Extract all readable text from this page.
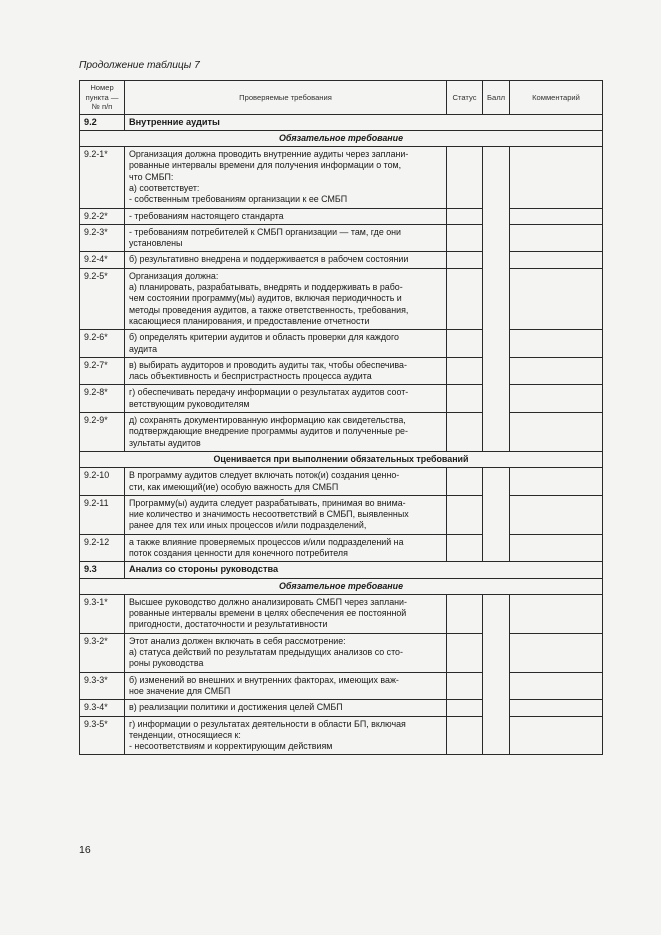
Продолжение таблицы 7
Номер
пункта —
№ п/п	Проверяемые требования	Статус	Балл	Комментарий
9.2	Внутренние аудиты			
Обязательное требование				
9.2-1*	Организация должна проводить внутренние аудиты через заплани-
рованные интервалы времени для получения информации о том,
что СМБП:
а) соответствует:
- собственным требованиям организации к ее СМБП			
9.2-2*	- требованиям настоящего стандарта			
9.2-3*	- требованиям потребителей к СМБП организации — там, где они
установлены			
9.2-4*	б) результативно внедрена и поддерживается в рабочем состоянии			
9.2-5*	Организация должна:
а) планировать, разрабатывать, внедрять и поддерживать в рабо-
чем состоянии программу(мы) аудитов, включая периодичность и
методы проведения аудитов, а также ответственность, требования,
касающиеся планирования, и предоставление отчетности			
9.2-6*	б) определять критерии аудитов и область проверки для каждого
аудита			
9.2-7*	в) выбирать аудиторов и проводить аудиты так, чтобы обеспечива-
лась объективность и беспристрастность процесса аудита			
9.2-8*	г) обеспечивать передачу информации о результатах аудитов соот-
ветствующим руководителям			
9.2-9*	д) сохранять документированную информацию как свидетельства,
подтверждающие внедрение программы аудитов и полученные ре-
зультаты аудитов			
Оценивается при выполнении обязательных требований				
9.2-10	В программу аудитов следует включать поток(и) создания ценно-
сти, как имеющий(ие) особую важность для СМБП			
9.2-11	Программу(ы) аудита следует разрабатывать, принимая во внима-
ние количество и значимость несоответствий в СМБП, выявленных
ранее для тех или иных процессов и/или подразделений,			
9.2-12	а также влияние проверяемых процессов и/или подразделений на
поток создания ценности для конечного потребителя			
9.3	Анализ со стороны руководства			
Обязательное требование				
9.3-1*	Высшее руководство должно анализировать СМБП через заплани-
рованные интервалы времени в целях обеспечения ее постоянной
пригодности, достаточности и результативности			
9.3-2*	Этот анализ должен включать в себя рассмотрение:
а) статуса действий по результатам предыдущих анализов со сто-
роны руководства			
9.3-3*	б) изменений во внешних и внутренних факторах, имеющих важ-
ное значение для СМБП			
9.3-4*	в) реализации политики и достижения целей СМБП			
9.3-5*	г) информации о результатах деятельности в области БП, включая
тенденции, относящиеся к:
- несоответствиям и корректирующим действиям			
16
